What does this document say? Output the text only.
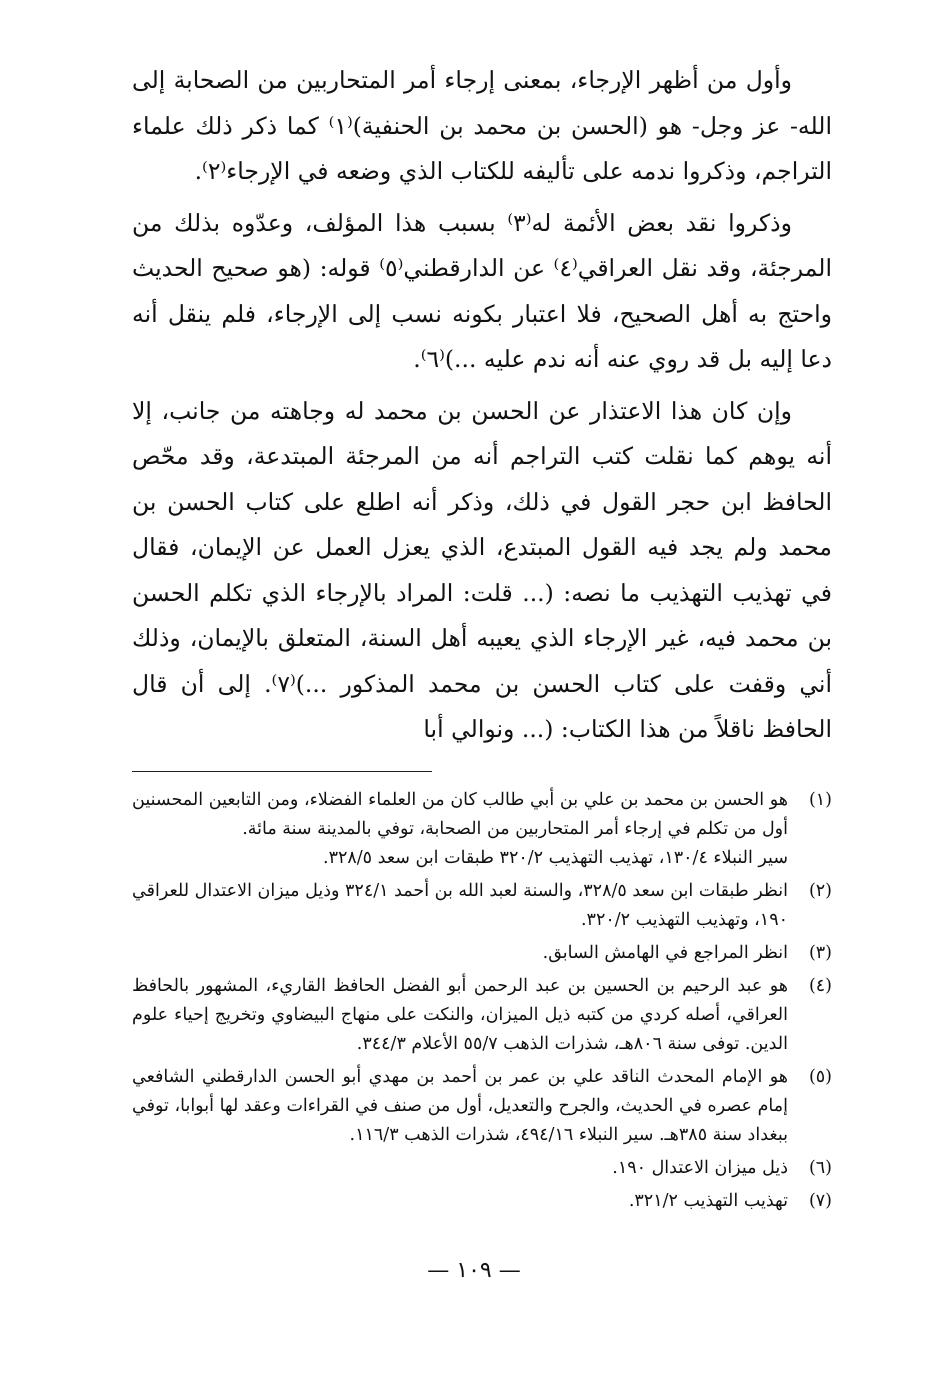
وأول من أظهر الإرجاء، بمعنى إرجاء أمر المتحاربين من الصحابة إلى الله- عز وجل- هو (الحسن بن محمد بن الحنفية)⁽١⁾ كما ذكر ذلك علماء التراجم، وذكروا ندمه على تأليفه للكتاب الذي وضعه في الإرجاء⁽٢⁾.

وذكروا نقد بعض الأئمة له⁽٣⁾ بسبب هذا المؤلف، وعدّوه بذلك من المرجئة، وقد نقل العراقي⁽٤⁾ عن الدارقطني⁽٥⁾ قوله: (هو صحيح الحديث واحتج به أهل الصحيح، فلا اعتبار بكونه نسب إلى الإرجاء، فلم ينقل أنه دعا إليه بل قد روي عنه أنه ندم عليه ...)⁽٦⁾.

وإن كان هذا الاعتذار عن الحسن بن محمد له وجاهته من جانب، إلا أنه يوهم كما نقلت كتب التراجم أنه من المرجئة المبتدعة، وقد محّص الحافظ ابن حجر القول في ذلك، وذكر أنه اطلع على كتاب الحسن بن محمد ولم يجد فيه القول المبتدع، الذي يعزل العمل عن الإيمان، فقال في تهذيب التهذيب ما نصه: (... قلت: المراد بالإرجاء الذي تكلم الحسن بن محمد فيه، غير الإرجاء الذي يعيبه أهل السنة، المتعلق بالإيمان، وذلك أني وقفت على كتاب الحسن بن محمد المذكور ...)⁽٧⁾. إلى أن قال الحافظ ناقلاً من هذا الكتاب: (... ونوالي أبا

(١)
هو الحسن بن محمد بن علي بن أبي طالب كان من العلماء الفضلاء، ومن التابعين المحسنين أول من تكلم في إرجاء أمر المتحاربين من الصحابة، توفي بالمدينة سنة مائة.
سير النبلاء ١٣٠/٤، تهذيب التهذيب ٣٢٠/٢ طبقات ابن سعد ٣٢٨/٥.
(٢)
انظر طبقات ابن سعد ٣٢٨/٥، والسنة لعبد الله بن أحمد ٣٢٤/١ وذيل ميزان الاعتدال للعراقي ١٩٠، وتهذيب التهذيب ٣٢٠/٢.
(٣)
انظر المراجع في الهامش السابق.
(٤)
هو عبد الرحيم بن الحسين بن عبد الرحمن أبو الفضل الحافظ القاريء، المشهور بالحافظ العراقي، أصله كردي من كتبه ذيل الميزان، والنكت على منهاج البيضاوي وتخريج إحياء علوم الدين. توفى سنة ٨٠٦هـ، شذرات الذهب ٥٥/٧ الأعلام ٣٤٤/٣.
(٥)
هو الإمام المحدث الناقد علي بن عمر بن أحمد بن مهدي أبو الحسن الدارقطني الشافعي إمام عصره في الحديث، والجرح والتعديل، أول من صنف في القراءات وعقد لها أبوابا، توفي ببغداد سنة ٣٨٥هـ. سير النبلاء ٤٩٤/١٦، شذرات الذهب ١١٦/٣.
(٦)
ذيل ميزان الاعتدال ١٩٠.
(٧)
تهذيب التهذيب ٣٢١/٢.
— ١٠٩ —
